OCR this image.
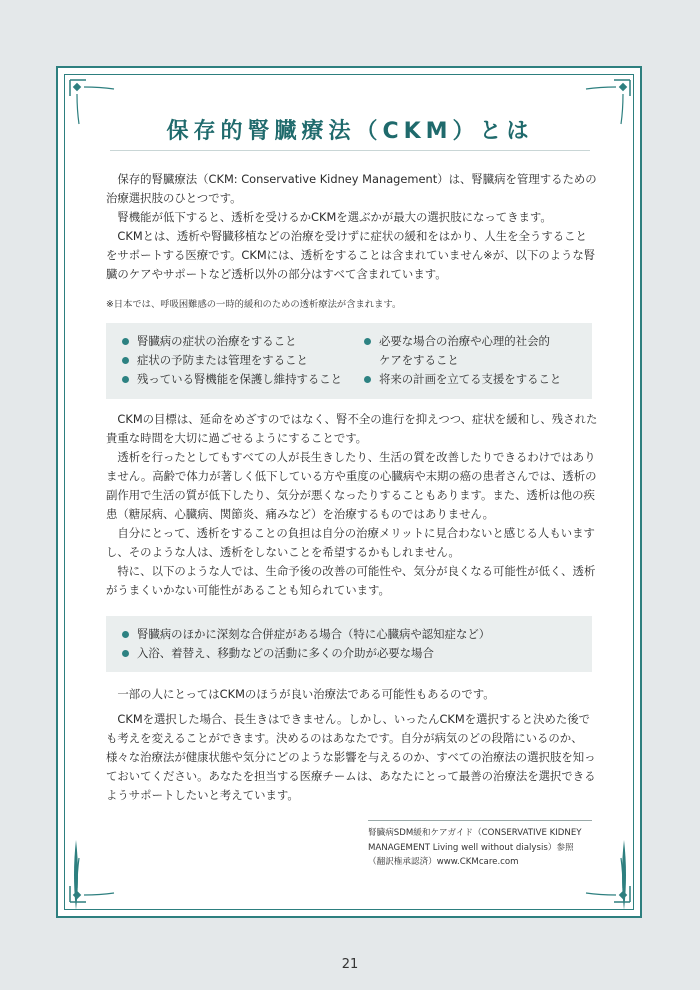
保存的腎臓療法（CKM）とは

保存的腎臓療法（CKM: Conservative Kidney Management）は、腎臓病を管理するための治療選択肢のひとつです。

腎機能が低下すると、透析を受けるかCKMを選ぶかが最大の選択肢になってきます。

CKMとは、透析や腎臓移植などの治療を受けずに症状の緩和をはかり、人生を全うすることをサポートする医療です。CKMには、透析をすることは含まれていません※が、以下のような腎臓のケアやサポートなど透析以外の部分はすべて含まれています。

※日本では、呼吸困難感の一時的緩和のための透析療法が含まれます。
腎臓病の症状の治療をすること
症状の予防または管理をすること
残っている腎機能を保護し維持すること
必要な場合の治療や心理的社会的
ケアをすること
将来の計画を立てる支援をすること

CKMの目標は、延命をめざすのではなく、腎不全の進行を抑えつつ、症状を緩和し、残された貴重な時間を大切に過ごせるようにすることです。

透析を行ったとしてもすべての人が長生きしたり、生活の質を改善したりできるわけではありません。高齢で体力が著しく低下している方や重度の心臓病や末期の癌の患者さんでは、透析の副作用で生活の質が低下したり、気分が悪くなったりすることもあります。また、透析は他の疾患（糖尿病、心臓病、関節炎、痛みなど）を治療するものではありません。

自分にとって、透析をすることの負担は自分の治療メリットに見合わないと感じる人もいますし、そのような人は、透析をしないことを希望するかもしれません。

特に、以下のような人では、生命予後の改善の可能性や、気分が良くなる可能性が低く、透析がうまくいかない可能性があることも知られています。

腎臓病のほかに深刻な合併症がある場合（特に心臓病や認知症など）
入浴、着替え、移動などの活動に多くの介助が必要な場合

一部の人にとってはCKMのほうが良い治療法である可能性もあるのです。

CKMを選択した場合、長生きはできません。しかし、いったんCKMを選択すると決めた後でも考えを変えることができます。決めるのはあなたです。自分が病気のどの段階にいるのか、様々な治療法が健康状態や気分にどのような影響を与えるのか、すべての治療法の選択肢を知っておいてください。あなたを担当する医療チームは、あなたにとって最善の治療法を選択できるようサポートしたいと考えています。

腎臓病SDM緩和ケアガイド（CONSERVATIVE KIDNEY
MANAGEMENT Living well without dialysis）参照
（翻訳権承認済）www.CKMcare.com
21
